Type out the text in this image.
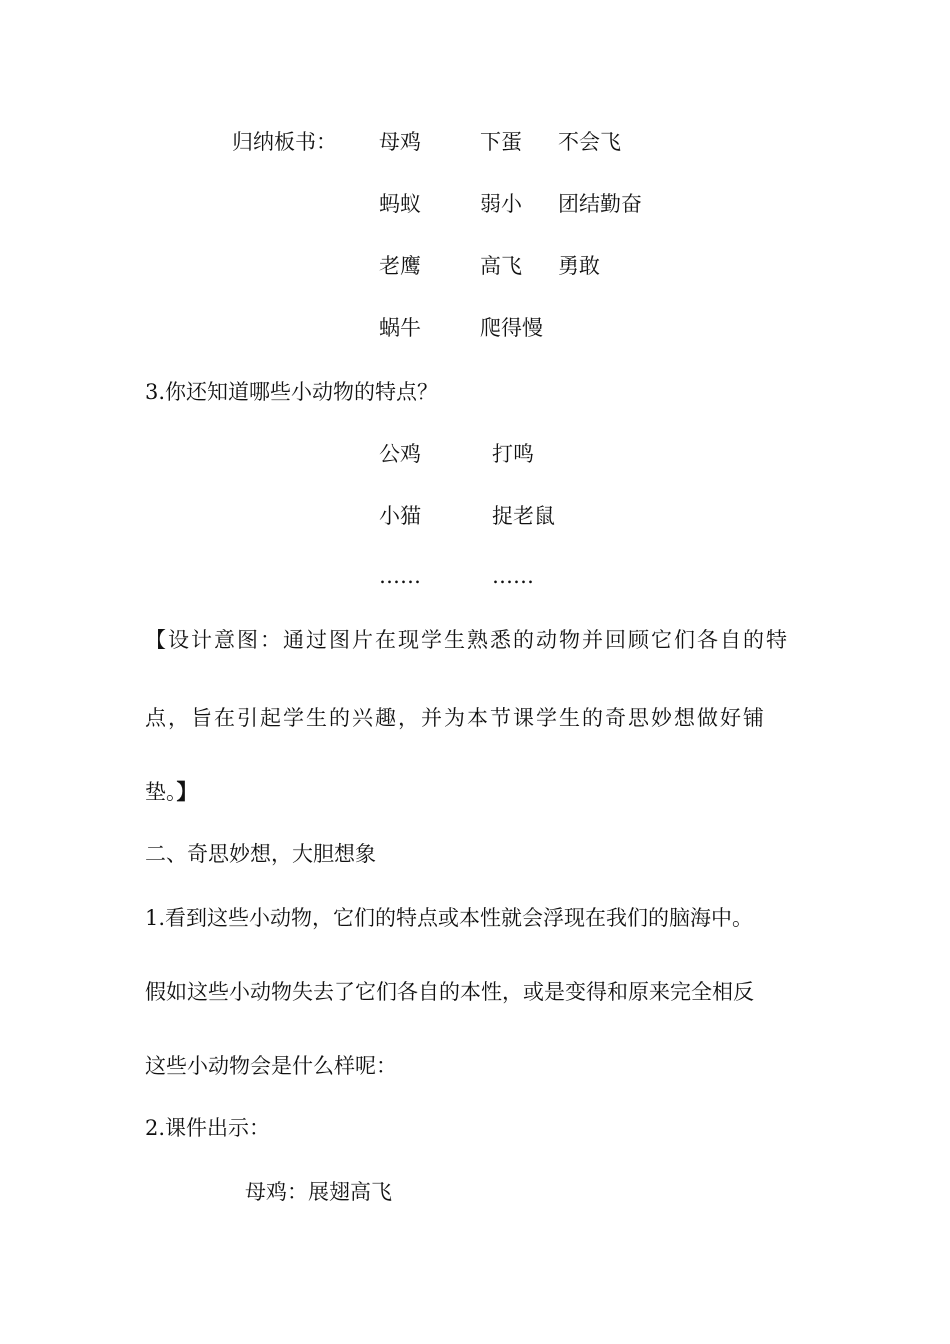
归纳板书： 母鸡	下蛋 不会飞
蚂蚁	弱小 团结勤奋
老鹰	高飞 勇敢
蜗牛	爬得慢
3.你还知道哪些小动物的特点？
公鸡	打鸣
小猫	捉老鼠
……	……
【设计意图：通过图片在现学生熟悉的动物并回顾它们各自的特
点，旨在引起学生的兴趣，并为本节课学生的奇思妙想做好铺
垫。】
二、奇思妙想，大胆想象
1.看到这些小动物，它们的特点或本性就会浮现在我们的脑海中。
假如这些小动物失去了它们各自的本性，或是变得和原来完全相反
这些小动物会是什么样呢：
2.课件出示：
母鸡：展翅高飞
